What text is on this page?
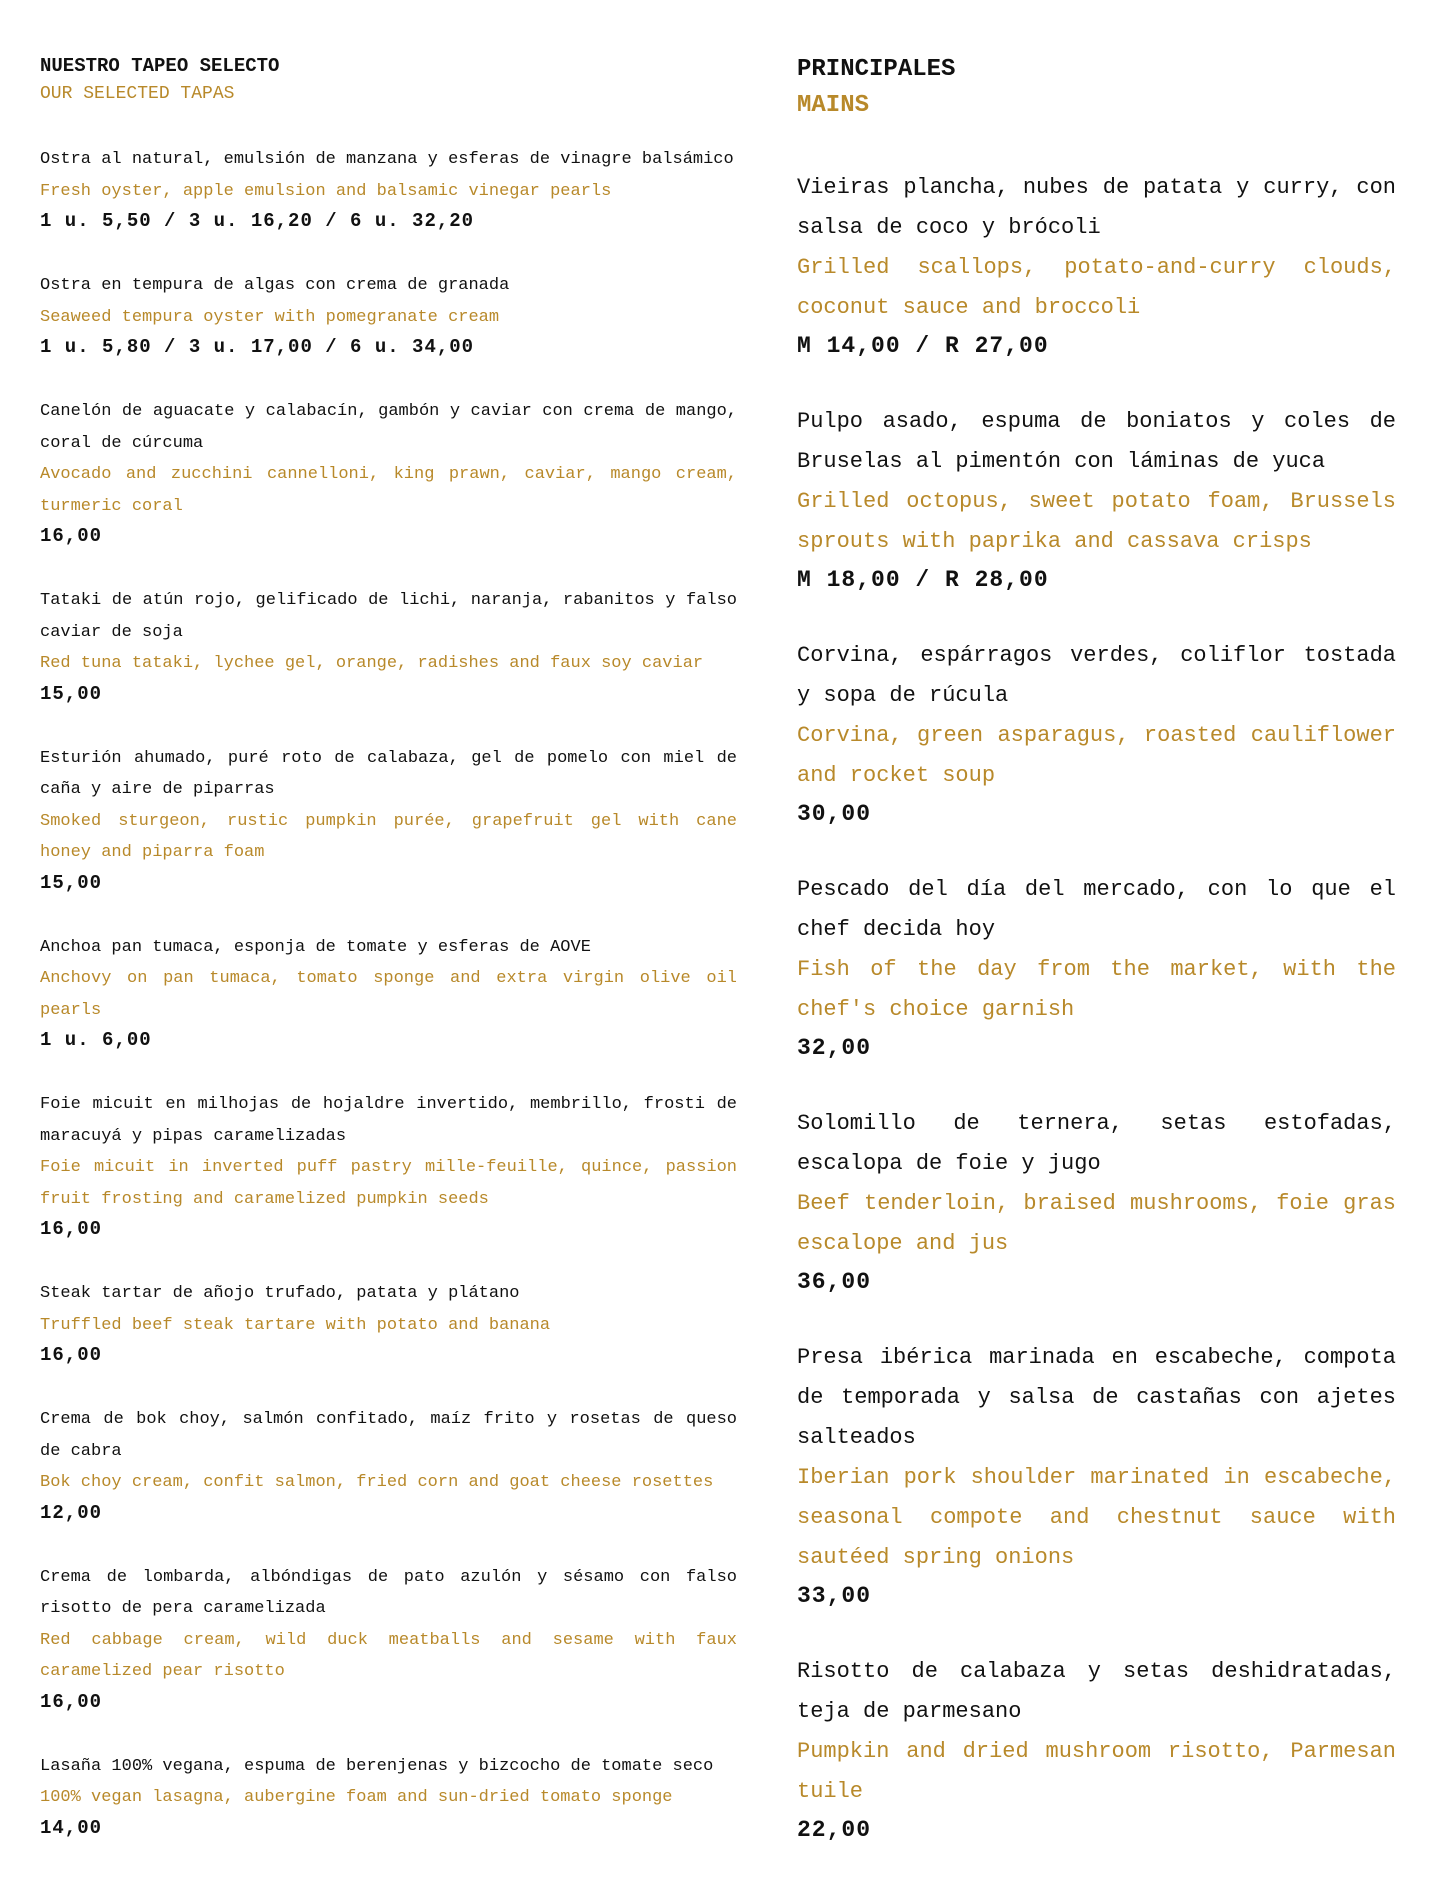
NUESTRO TAPEO SELECTO

OUR SELECTED TAPAS

Ostra al natural, emulsión de manzana y esferas de vinagre balsámico

Fresh oyster, apple emulsion and balsamic vinegar pearls

1 u. 5,50 / 3 u. 16,20 / 6 u. 32,20

Ostra en tempura de algas con crema de granada

Seaweed tempura oyster with pomegranate cream

1 u. 5,80 / 3 u. 17,00 / 6 u. 34,00

Canelón de aguacate y calabacín, gambón y caviar con crema de mango, coral de cúrcuma

Avocado and zucchini cannelloni, king prawn, caviar, mango cream, turmeric coral

16,00

Tataki de atún rojo, gelificado de lichi, naranja, rabanitos y falso caviar de soja

Red tuna tataki, lychee gel, orange, radishes and faux soy caviar

15,00

Esturión ahumado, puré roto de calabaza, gel de pomelo con miel de caña y aire de piparras

Smoked sturgeon, rustic pumpkin purée, grapefruit gel with cane honey and piparra foam

15,00

Anchoa pan tumaca, esponja de tomate y esferas de AOVE

Anchovy on pan tumaca, tomato sponge and extra virgin olive oil pearls

1 u. 6,00

Foie micuit en milhojas de hojaldre invertido, membrillo, frosti de maracuyá y pipas caramelizadas

Foie micuit in inverted puff pastry mille-feuille, quince, passion fruit frosting and caramelized pumpkin seeds

16,00

Steak tartar de añojo trufado, patata y plátano

Truffled beef steak tartare with potato and banana

16,00

Crema de bok choy, salmón confitado, maíz frito y rosetas de queso de cabra

Bok choy cream, confit salmon, fried corn and goat cheese rosettes

12,00

Crema de lombarda, albóndigas de pato azulón y sésamo con falso risotto de pera caramelizada

Red cabbage cream, wild duck meatballs and sesame with faux caramelized pear risotto

16,00

Lasaña 100% vegana, espuma de berenjenas y bizcocho de tomate seco

100% vegan lasagna, aubergine foam and sun-dried tomato sponge

14,00

PRINCIPALES

MAINS

Vieiras plancha, nubes de patata y curry, con salsa de coco y brócoli

Grilled scallops, potato-and-curry clouds, coconut sauce and broccoli

M 14,00 / R 27,00

Pulpo asado, espuma de boniatos y coles de Bruselas al pimentón con láminas de yuca

Grilled octopus, sweet potato foam, Brussels sprouts with paprika and cassava crisps

M 18,00 / R 28,00

Corvina, espárragos verdes, coliflor tostada y sopa de rúcula

Corvina, green asparagus, roasted cauliflower and rocket soup

30,00

Pescado del día del mercado, con lo que el chef decida hoy

Fish of the day from the market, with the chef's choice garnish

32,00

Solomillo de ternera, setas estofadas, escalopa de foie y jugo

Beef tenderloin, braised mushrooms, foie gras escalope and jus

36,00

Presa ibérica marinada en escabeche, compota de temporada y salsa de castañas con ajetes salteados

Iberian pork shoulder marinated in escabeche, seasonal compote and chestnut sauce with sautéed spring onions

33,00

Risotto de calabaza y setas deshidratadas, teja de parmesano

Pumpkin and dried mushroom risotto, Parmesan tuile

22,00
